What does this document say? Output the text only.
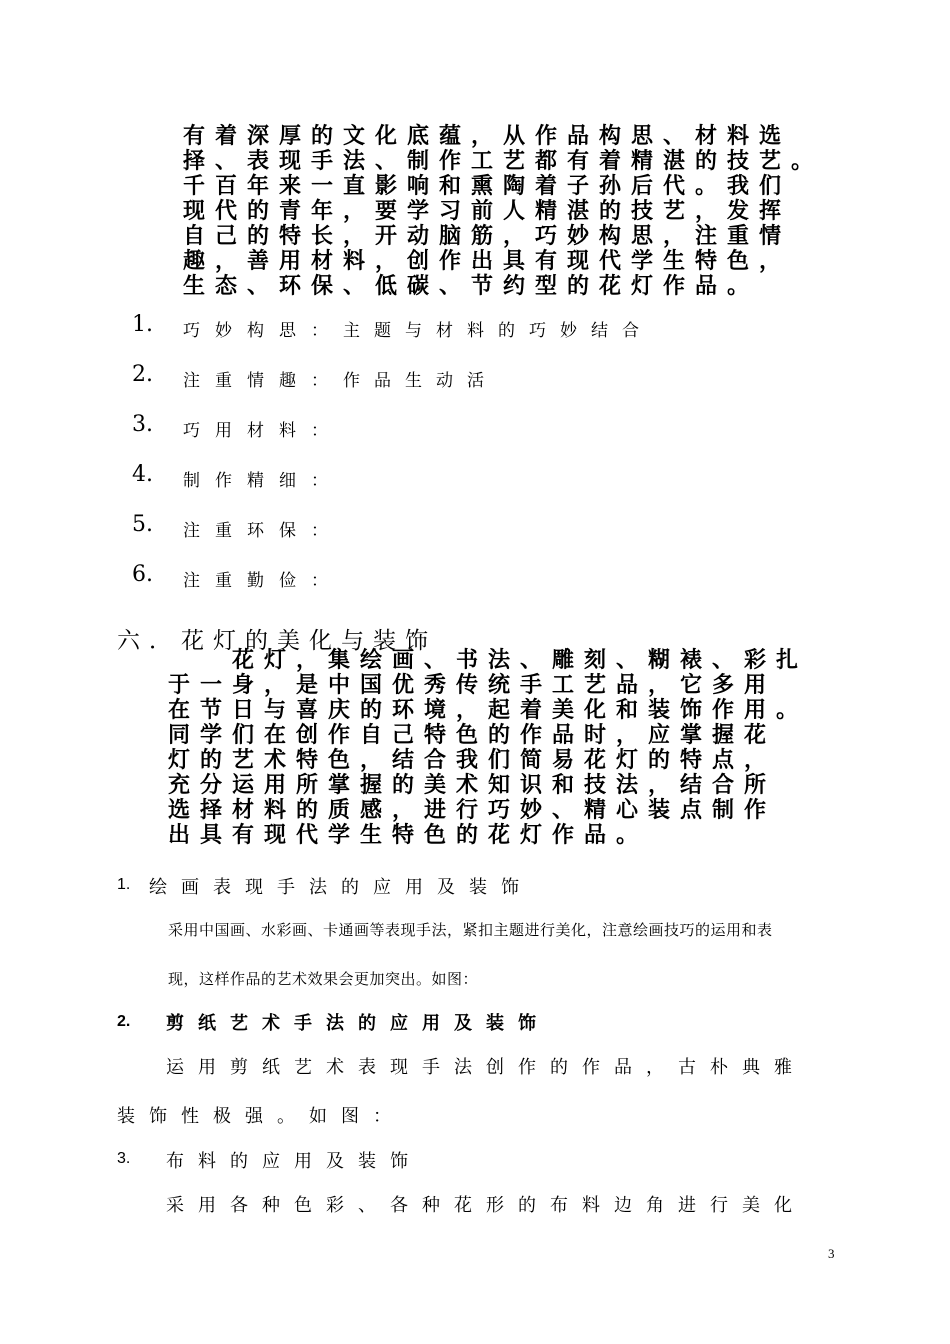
有着深厚的文化底蕴，从作品构思、材料选
择、表现手法、制作工艺都有着精湛的技艺。
千百年来一直影响和熏陶着子孙后代。我们
现代的青年，要学习前人精湛的技艺，发挥
自己的特长，开动脑筋，巧妙构思，注重情
趣，善用材料，创作出具有现代学生特色，
生态、环保、低碳、节约型的花灯作品。
1. 巧妙构思：主题与材料的巧妙结合
2. 注重情趣：作品生动活
3. 巧用材料：
4. 制作精细：
5. 注重环保：
6. 注重勤俭：
六．花灯的美化与装饰
　　花灯，集绘画、书法、雕刻、糊裱、彩扎
于一身，是中国优秀传统手工艺品，它多用
在节日与喜庆的环境，起着美化和装饰作用。
同学们在创作自己特色的作品时，应掌握花
灯的艺术特色，结合我们简易花灯的特点，
充分运用所掌握的美术知识和技法，结合所
选择材料的质感，进行巧妙、精心装点制作
出具有现代学生特色的花灯作品。
1. 绘画表现手法的应用及装饰
采用中国画、水彩画、卡通画等表现手法，紧扣主题进行美化，注意绘画技巧的运用和表
现，这样作品的艺术效果会更加突出。如图：
2. 剪纸艺术手法的应用及装饰
运用剪纸艺术表现手法创作的作品，古朴典雅
装饰性极强。如图：
3. 布料的应用及装饰
采用各种色彩、各种花形的布料边角进行美化
3
